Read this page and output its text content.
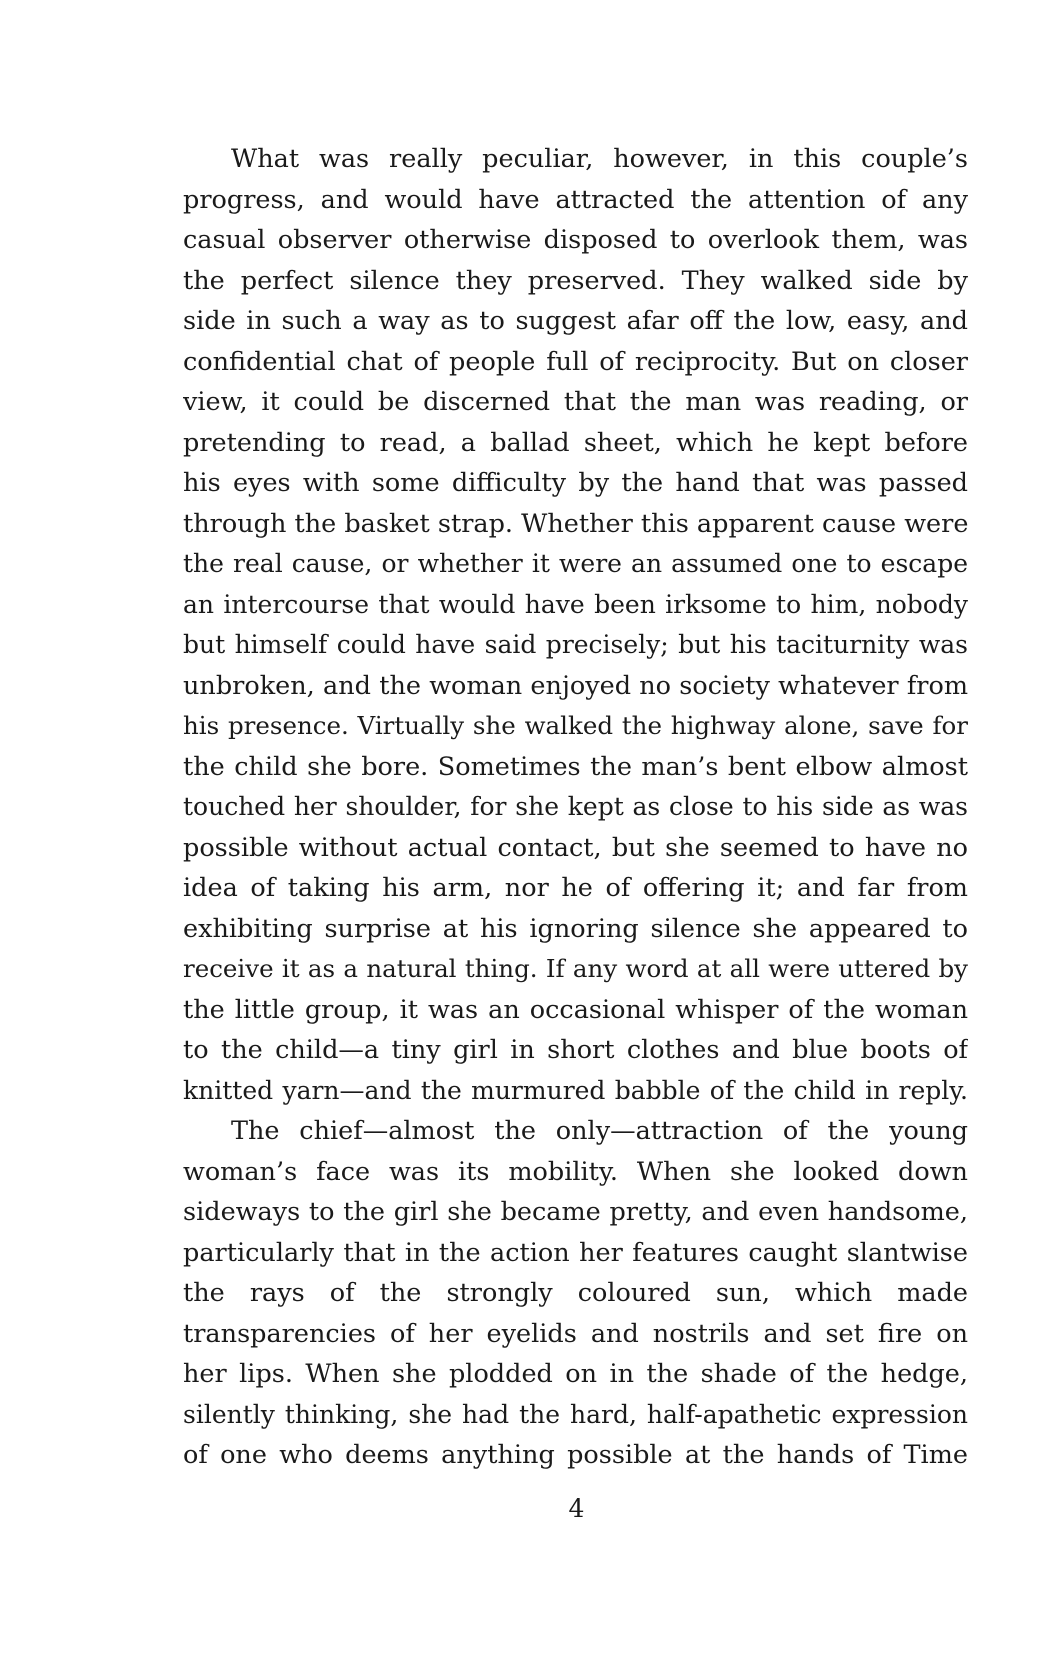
What was really peculiar, however, in this couple’s
progress, and would have attracted the attention of any
casual observer otherwise disposed to overlook them, was
the perfect silence they preserved. They walked side by
side in such a way as to suggest afar off the low, easy, and
confidential chat of people full of reciprocity. But on closer
view, it could be discerned that the man was reading, or
pretending to read, a ballad sheet, which he kept before
his eyes with some difficulty by the hand that was passed
through the basket strap. Whether this apparent cause were
the real cause, or whether it were an assumed one to escape
an intercourse that would have been irksome to him, nobody
but himself could have said precisely; but his taciturnity was
unbroken, and the woman enjoyed no society whatever from
his presence. Virtually she walked the highway alone, save for
the child she bore. Sometimes the man’s bent elbow almost
touched her shoulder, for she kept as close to his side as was
possible without actual contact, but she seemed to have no
idea of taking his arm, nor he of offering it; and far from
exhibiting surprise at his ignoring silence she appeared to
receive it as a natural thing. If any word at all were uttered by
the little group, it was an occasional whisper of the woman
to the child—a tiny girl in short clothes and blue boots of
knitted yarn—and the murmured babble of the child in reply.
The chief—almost the only—attraction of the young
woman’s face was its mobility. When she looked down
sideways to the girl she became pretty, and even handsome,
particularly that in the action her features caught slantwise
the rays of the strongly coloured sun, which made
transparencies of her eyelids and nostrils and set fire on
her lips. When she plodded on in the shade of the hedge,
silently thinking, she had the hard, half-apathetic expression
of one who deems anything possible at the hands of Time
4
